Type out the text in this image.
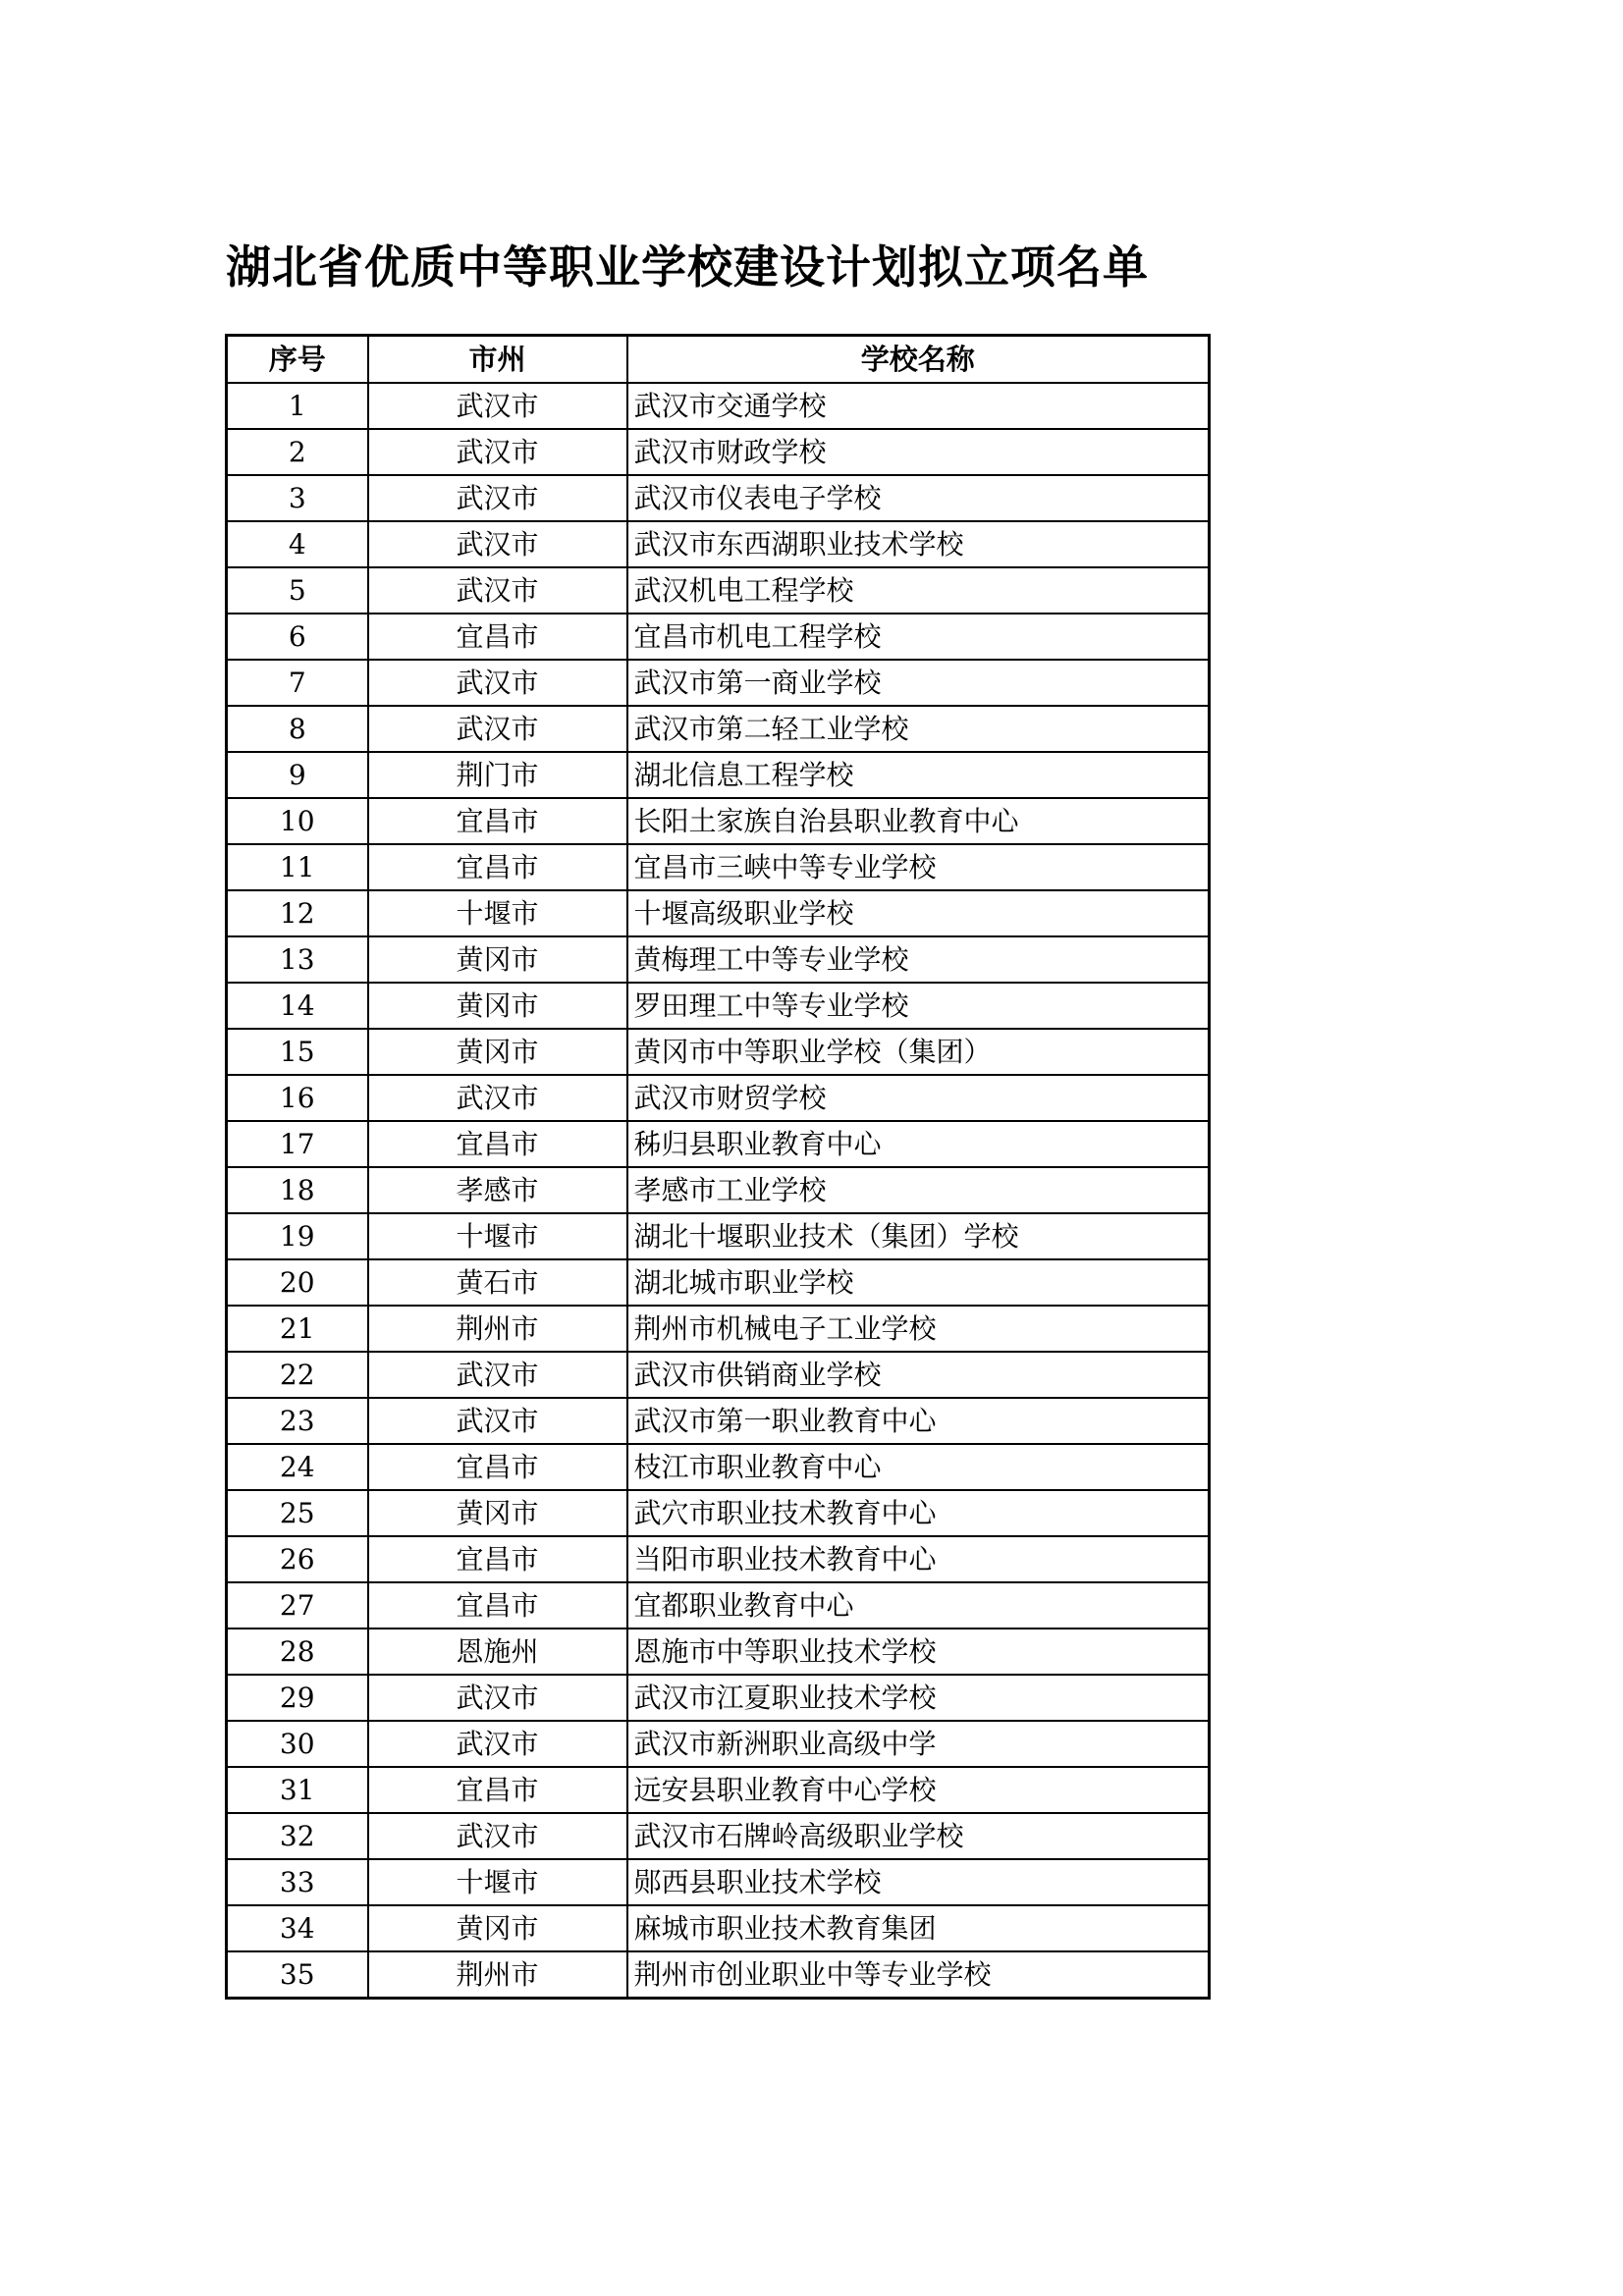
湖北省优质中等职业学校建设计划拟立项名单
序号	市州	学校名称
1	武汉市	武汉市交通学校
2	武汉市	武汉市财政学校
3	武汉市	武汉市仪表电子学校
4	武汉市	武汉市东西湖职业技术学校
5	武汉市	武汉机电工程学校
6	宜昌市	宜昌市机电工程学校
7	武汉市	武汉市第一商业学校
8	武汉市	武汉市第二轻工业学校
9	荆门市	湖北信息工程学校
10	宜昌市	长阳土家族自治县职业教育中心
11	宜昌市	宜昌市三峡中等专业学校
12	十堰市	十堰高级职业学校
13	黄冈市	黄梅理工中等专业学校
14	黄冈市	罗田理工中等专业学校
15	黄冈市	黄冈市中等职业学校（集团）
16	武汉市	武汉市财贸学校
17	宜昌市	秭归县职业教育中心
18	孝感市	孝感市工业学校
19	十堰市	湖北十堰职业技术（集团）学校
20	黄石市	湖北城市职业学校
21	荆州市	荆州市机械电子工业学校
22	武汉市	武汉市供销商业学校
23	武汉市	武汉市第一职业教育中心
24	宜昌市	枝江市职业教育中心
25	黄冈市	武穴市职业技术教育中心
26	宜昌市	当阳市职业技术教育中心
27	宜昌市	宜都职业教育中心
28	恩施州	恩施市中等职业技术学校
29	武汉市	武汉市江夏职业技术学校
30	武汉市	武汉市新洲职业高级中学
31	宜昌市	远安县职业教育中心学校
32	武汉市	武汉市石牌岭高级职业学校
33	十堰市	郧西县职业技术学校
34	黄冈市	麻城市职业技术教育集团
35	荆州市	荆州市创业职业中等专业学校
